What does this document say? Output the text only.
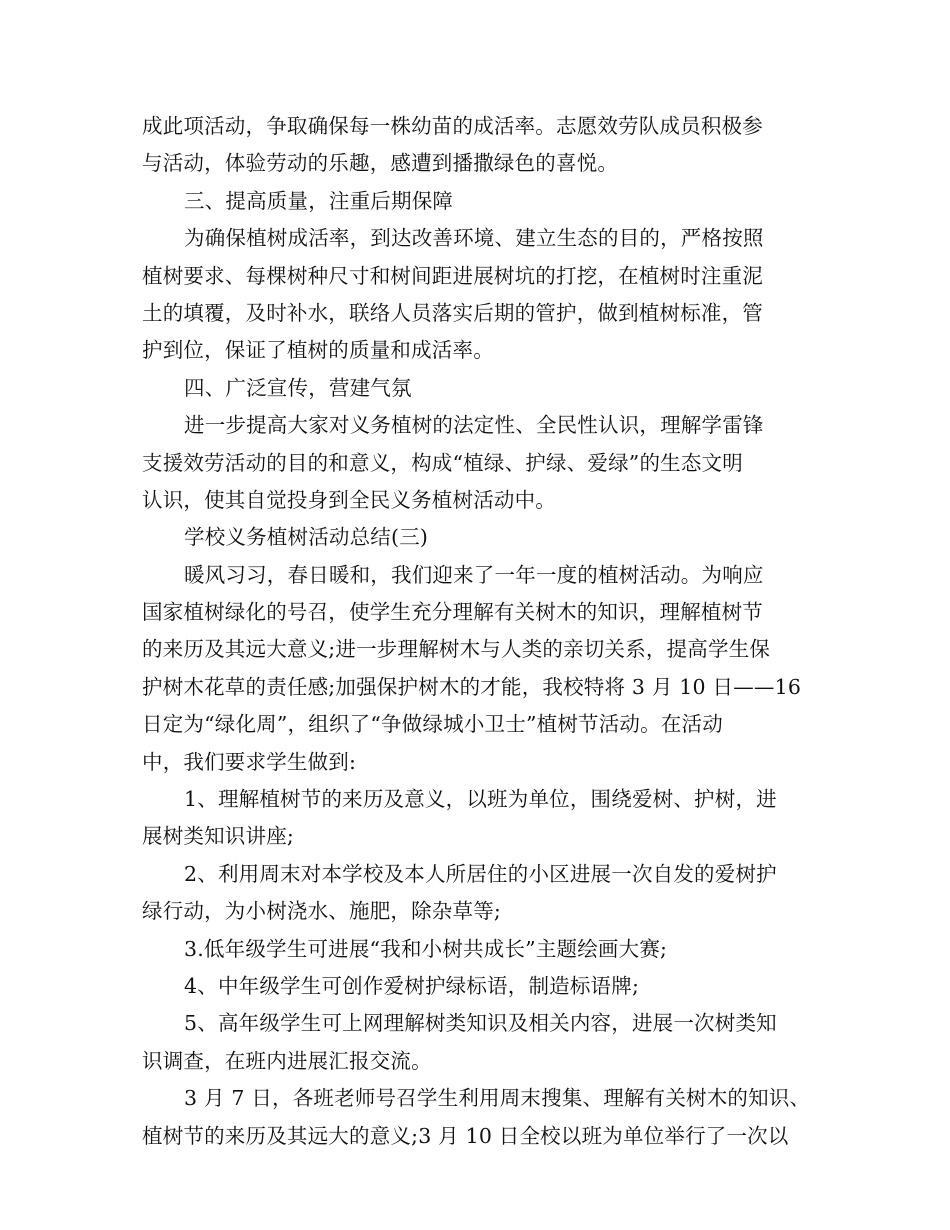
成此项活动，争取确保每一株幼苗的成活率。志愿效劳队成员积极参
与活动，体验劳动的乐趣，感遭到播撒绿色的喜悦。
三、提高质量，注重后期保障
为确保植树成活率，到达改善环境、建立生态的目的，严格按照
植树要求、每棵树种尺寸和树间距进展树坑的打挖，在植树时注重泥
土的填覆，及时补水，联络人员落实后期的管护，做到植树标准，管
护到位，保证了植树的质量和成活率。
四、广泛宣传，营建气氛
进一步提高大家对义务植树的法定性、全民性认识，理解学雷锋
支援效劳活动的目的和意义，构成“植绿、护绿、爱绿”的生态文明
认识，使其自觉投身到全民义务植树活动中。
学校义务植树活动总结(三)
暖风习习，春日暖和，我们迎来了一年一度的植树活动。为响应
国家植树绿化的号召，使学生充分理解有关树木的知识，理解植树节
的来历及其远大意义;进一步理解树木与人类的亲切关系，提高学生保
护树木花草的责任感;加强保护树木的才能，我校特将 3 月 10 日——16
日定为“绿化周”，组织了“争做绿城小卫士”植树节活动。在活动
中，我们要求学生做到:
1、理解植树节的来历及意义，以班为单位，围绕爱树、护树，进
展树类知识讲座;
2、利用周末对本学校及本人所居住的小区进展一次自发的爱树护
绿行动，为小树浇水、施肥，除杂草等;
3.低年级学生可进展“我和小树共成长”主题绘画大赛;
4、中年级学生可创作爱树护绿标语，制造标语牌;
5、高年级学生可上网理解树类知识及相关内容，进展一次树类知
识调查，在班内进展汇报交流。
3 月 7 日，各班老师号召学生利用周末搜集、理解有关树木的知识、
植树节的来历及其远大的意义;3 月 10 日全校以班为单位举行了一次以
